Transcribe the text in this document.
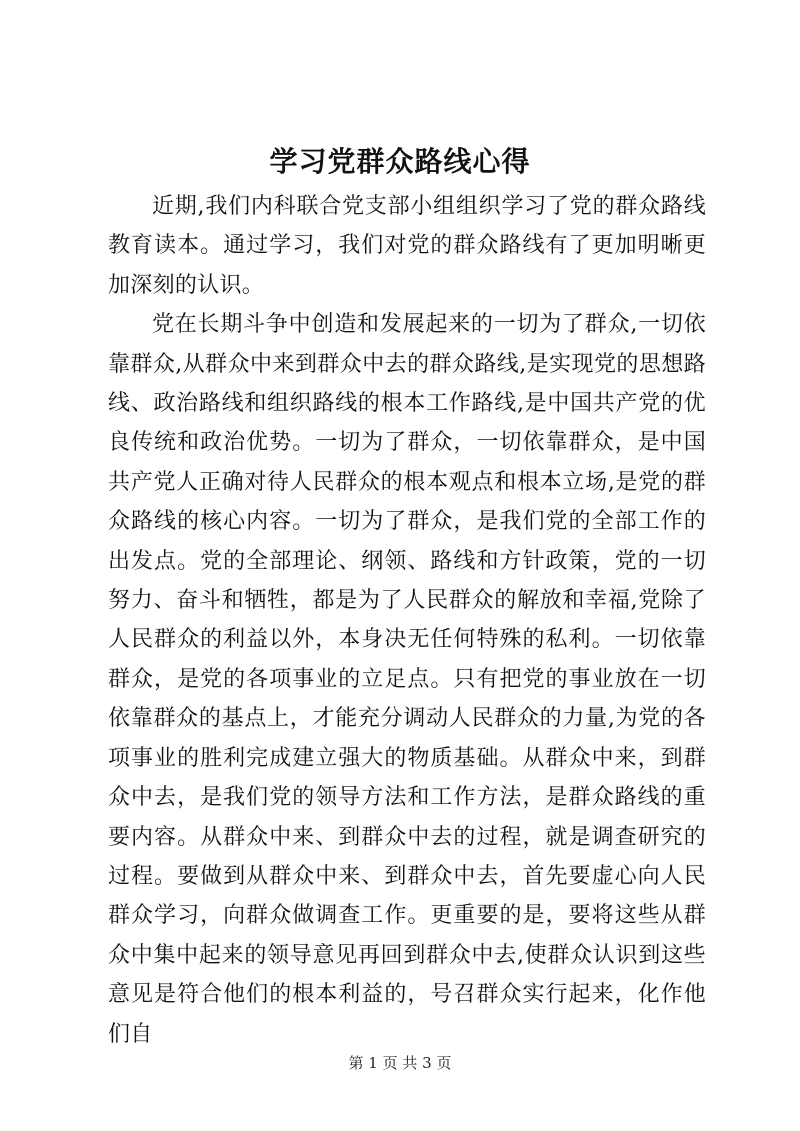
学习党群众路线心得

近期,我们内科联合党支部小组组织学习了党的群众路线教育读本。通过学习，我们对党的群众路线有了更加明晰更加深刻的认识。

党在长期斗争中创造和发展起来的一切为了群众,一切依靠群众,从群众中来到群众中去的群众路线,是实现党的思想路线、政治路线和组织路线的根本工作路线,是中国共产党的优良传统和政治优势。一切为了群众，一切依靠群众，是中国共产党人正确对待人民群众的根本观点和根本立场,是党的群众路线的核心内容。一切为了群众，是我们党的全部工作的出发点。党的全部理论、纲领、路线和方针政策，党的一切努力、奋斗和牺牲，都是为了人民群众的解放和幸福,党除了人民群众的利益以外，本身决无任何特殊的私利。一切依靠群众，是党的各项事业的立足点。只有把党的事业放在一切依靠群众的基点上，才能充分调动人民群众的力量,为党的各项事业的胜利完成建立强大的物质基础。从群众中来，到群众中去，是我们党的领导方法和工作方法，是群众路线的重要内容。从群众中来、到群众中去的过程，就是调查研究的过程。要做到从群众中来、到群众中去，首先要虚心向人民群众学习，向群众做调查工作。更重要的是，要将这些从群众中集中起来的领导意见再回到群众中去,使群众认识到这些意见是符合他们的根本利益的，号召群众实行起来，化作他们自

第 1 页 共 3 页
